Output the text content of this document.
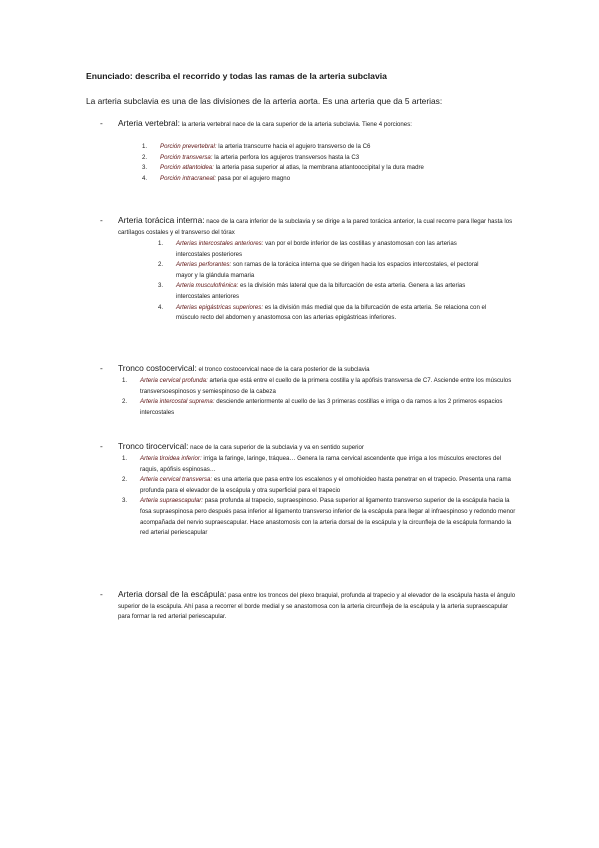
Enunciado: describa el recorrido y todas las ramas de la arteria subclavia
La arteria subclavia es una de las divisiones de la arteria aorta. Es una arteria que da 5 arterias:
- Arteria vertebral: la arteria vertebral nace de la cara superior de la arteria subclavia. Tiene 4 porciones:
1. Porción prevertebral: la arteria transcurre hacia el agujero transverso de la C6
2. Porción transversa: la arteria perfora los agujeros transversos hasta la C3
3. Porción atlantoidea: la arteria pasa superior al atlas, la membrana atlantooccipital y la dura madre
4. Porción intracraneal: pasa por el agujero magno
- Arteria torácica interna: nace de la cara inferior de la subclavia y se dirige a la pared torácica anterior, la cual recorre para llegar hasta los cartílagos costales y el transverso del tórax
1. Arterias intercostales anteriores: van por el borde inferior de las costillas y anastomosan con las arterias intercostales posteriores
2. Arterias perforantes: son ramas de la torácica interna que se dirigen hacia los espacios intercostales, el pectoral mayor y la glándula mamaria
3. Arteria musculofrénica: es la división más lateral que da la bifurcación de esta arteria. Genera a las arterias intercostales anteriores
4. Arterias epigástricas superiores: es la división más medial que da la bifurcación de esta arteria. Se relaciona con el músculo recto del abdomen y anastomosa con las arterias epigástricas inferiores.
- Tronco costocervical: el tronco costocervical nace de la cara posterior de la subclavia
1. Arteria cervical profunda: arteria que está entre el cuello de la primera costilla y la apófisis transversa de C7. Asciende entre los músculos transversoespinosos y semiespinoso de la cabeza
2. Arteria intercostal suprema: desciende anteriormente al cuello de las 3 primeras costillas e irriga o da ramos a los 2 primeros espacios intercostales
- Tronco tirocervical: nace de la cara superior de la subclavia y va en sentido superior
1. Arteria tiroidea inferior: irriga la faringe, laringe, tráquea… Genera la rama cervical ascendente que irriga a los músculos erectores del raquis, apófisis espinosas…
2. Arteria cervical transversa: es una arteria que pasa entre los escalenos y el omohioideo hasta penetrar en el trapecio. Presenta una rama profunda para el elevador de la escápula y otra superficial para el trapecio
3. Arteria supraescapular: pasa profunda al trapecio, supraespinoso. Pasa superior al ligamento transverso superior de la escápula hacia la fosa supraespinosa pero después pasa inferior al ligamento transverso inferior de la escápula para llegar al infraespinoso y redondo menor acompañada del nervio supraescapular. Hace anastomosis con la arteria dorsal de la escápula y la circunfleja de la escápula formando la red arterial periescapular
- Arteria dorsal de la escápula: pasa entre los troncos del plexo braquial, profunda al trapecio y al elevador de la escápula hasta el ángulo superior de la escápula. Ahí pasa a recorrer el borde medial y se anastomosa con la arteria circunfleja de la escápula y la arteria supraescapular para formar la red arterial periescapular.
